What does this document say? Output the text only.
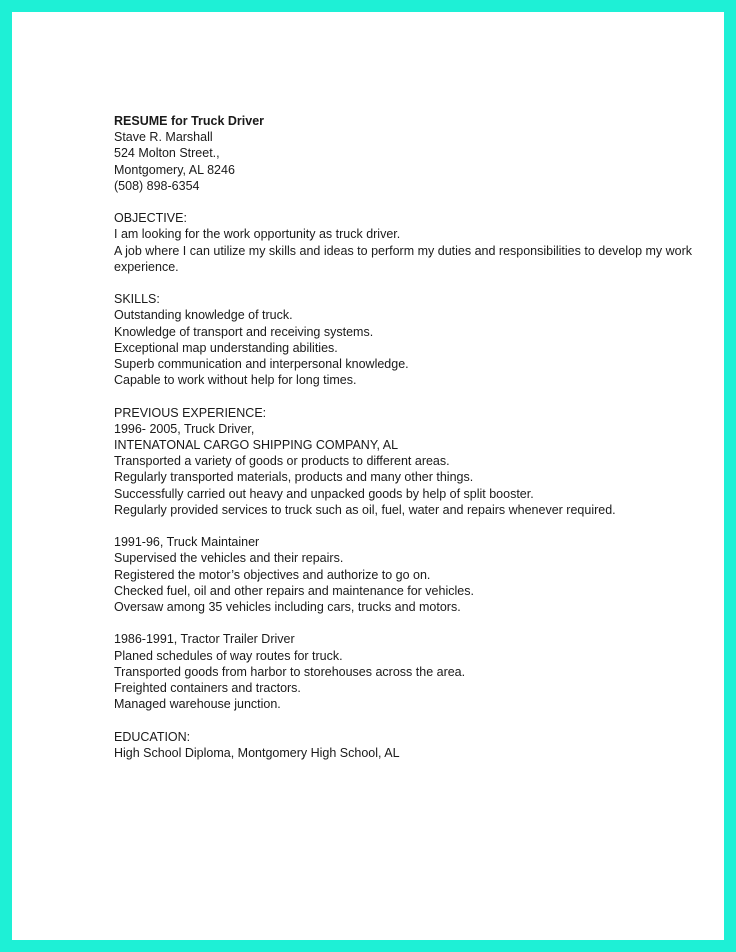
RESUME for Truck Driver
Stave R. Marshall
524 Molton Street.,
Montgomery, AL 8246
(508) 898-6354
OBJECTIVE:
I am looking for the work opportunity as truck driver.
A job where I can utilize my skills and ideas to perform my duties and responsibilities to develop my work experience.
SKILLS:
Outstanding knowledge of truck.
Knowledge of transport and receiving systems.
Exceptional map understanding abilities.
Superb communication and interpersonal knowledge.
Capable to work without help for long times.
PREVIOUS EXPERIENCE:
1996- 2005, Truck Driver,
INTENATONAL CARGO SHIPPING COMPANY, AL
Transported a variety of goods or products to different areas.
Regularly transported materials, products and many other things.
Successfully carried out heavy and unpacked goods by help of split booster.
Regularly provided services to truck such as oil, fuel, water and repairs whenever required.
1991-96, Truck Maintainer
Supervised the vehicles and their repairs.
Registered the motor’s objectives and authorize to go on.
Checked fuel, oil and other repairs and maintenance for vehicles.
Oversaw among 35 vehicles including cars, trucks and motors.
1986-1991, Tractor Trailer Driver
Planed schedules of way routes for truck.
Transported goods from harbor to storehouses across the area.
Freighted containers and tractors.
Managed warehouse junction.
EDUCATION:
High School Diploma, Montgomery High School, AL
